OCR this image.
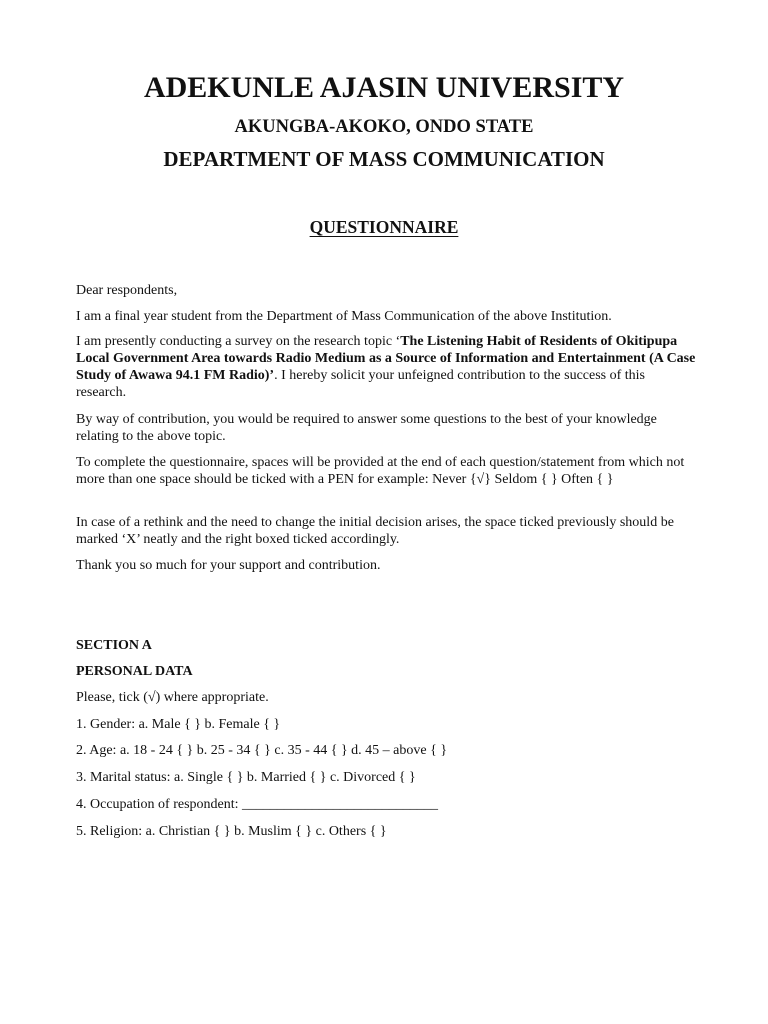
ADEKUNLE AJASIN UNIVERSITY
AKUNGBA-AKOKO, ONDO STATE
DEPARTMENT OF MASS COMMUNICATION
QUESTIONNAIRE

Dear respondents,

I am a final year student from the Department of Mass Communication of the above Institution.

I am presently conducting a survey on the research topic ‘The Listening Habit of Residents of Okitipupa Local Government Area towards Radio Medium as a Source of Information and Entertainment (A Case Study of Awawa 94.1 FM Radio)’. I hereby solicit your unfeigned contribution to the success of this research.

By way of contribution, you would be required to answer some questions to the best of your knowledge relating to the above topic.

To complete the questionnaire, spaces will be provided at the end of each question/statement from which not more than one space should be ticked with a PEN for example: Never {√} Seldom { } Often { }

In case of a rethink and the need to change the initial decision arises, the space ticked previously should be marked ‘X’ neatly and the right boxed ticked accordingly.

Thank you so much for your support and contribution.

SECTION A
PERSONAL DATA
Please, tick (√) where appropriate.
1. Gender: a. Male { } b. Female { }
2. Age: a. 18 - 24 { } b. 25 - 34 { } c. 35 - 44 { } d. 45 – above { }
3. Marital status: a. Single { } b. Married { } c. Divorced { }
4. Occupation of respondent: ____________________________
5. Religion: a. Christian { } b. Muslim { } c. Others { }
